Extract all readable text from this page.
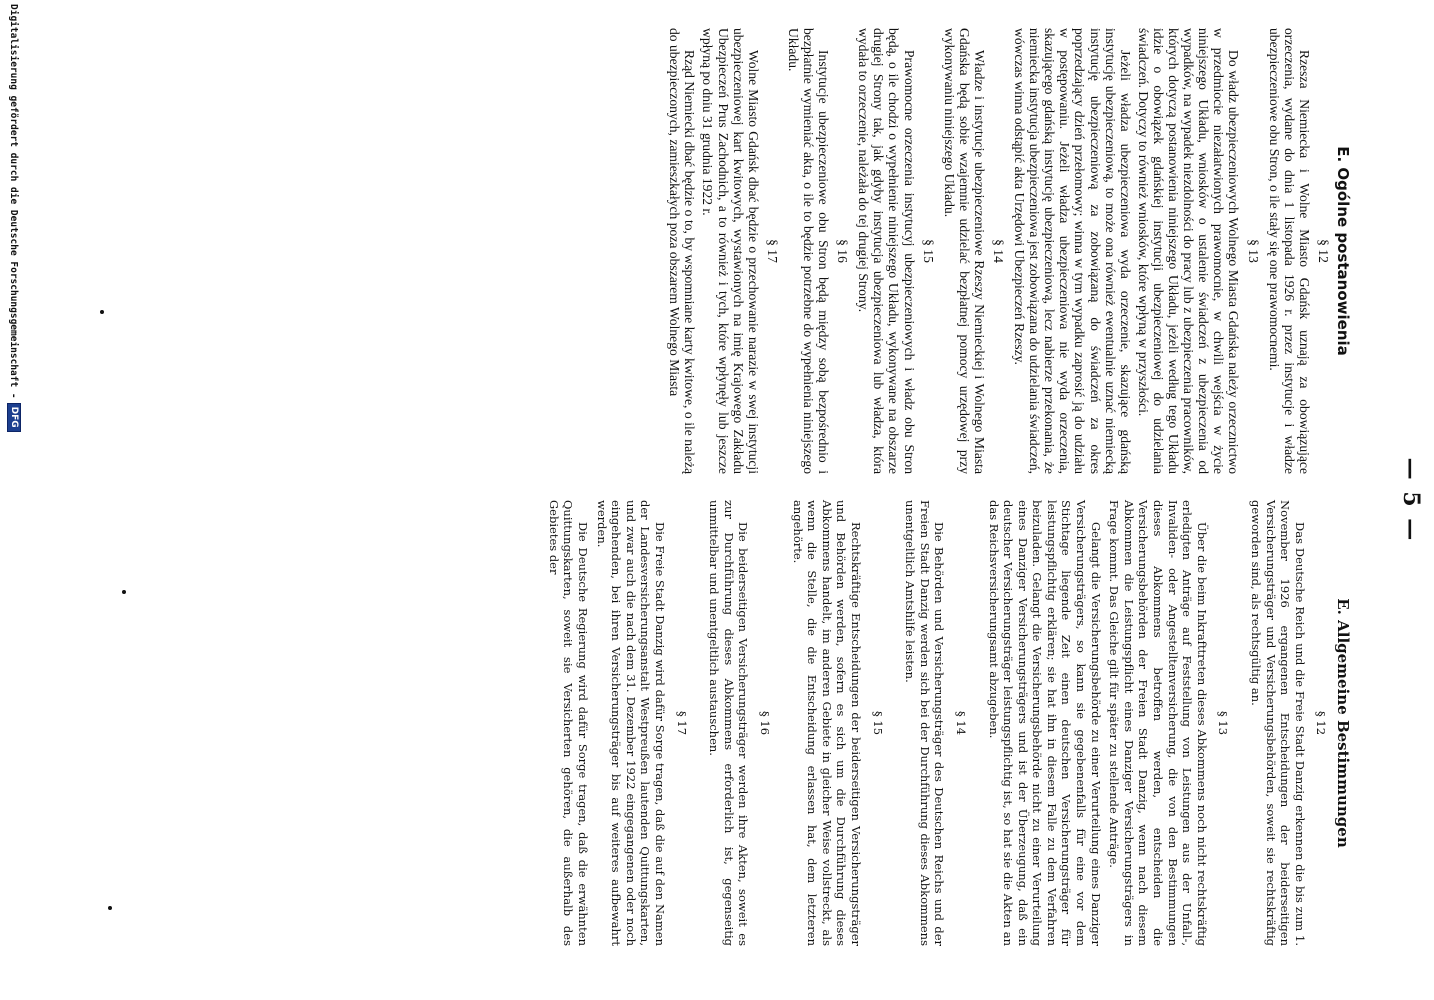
— 5 —
E. Allgemeine Bestimmungen
§ 12
Das Deutsche Reich und die Freie Stadt Danzig erkennen die bis zum 1. November 1926 ergangenen Entscheidungen der beiderseitigen Versicherungsträger und Versicherungsbehörden, soweit sie rechtskräftig geworden sind, als rechtsgültig an.
§ 13
Über die beim Inkrafttreten dieses Abkommens noch nicht rechtskräftig erledigten Anträge auf Feststellung von Leistungen aus der Unfall-, Invaliden- oder Angestelltenversicherung, die von den Bestimmungen dieses Abkommens betroffen werden, entscheiden die Versicherungsbehörden der Freien Stadt Danzig, wenn nach diesem Abkommen die Leistungspflicht eines Danziger Versicherungsträgers in Frage kommt. Das Gleiche gilt für später zu stellende Anträge.
Gelangt die Versicherungsbehörde zu einer Verurteilung eines Danziger Versicherungsträgers, so kann sie gegebenenfalls für eine vor dem Stichtage liegende Zeit einen deutschen Versicherungsträger für leistungspflichtig erklären; sie hat ihn in diesem Falle zu dem Verfahren beizuladen. Gelangt die Versicherungsbehörde nicht zu einer Verurteilung eines Danziger Versicherungsträgers und ist der Überzeugung, daß ein deutscher Versicherungsträger leistungspflichtig ist, so hat sie die Akten an das Reichsversicherungsamt abzugeben.
§ 14
Die Behörden und Versicherungsträger des Deutschen Reichs und der Freien Stadt Danzig werden sich bei der Durchführung dieses Abkommens unentgeltlich Amtshilfe leisten.
§ 15
Rechtskräftige Entscheidungen der beiderseitigen Versicherungsträger und Behörden werden, sofern es sich um die Durchführung dieses Abkommens handelt, im anderen Gebiete in gleicher Weise vollstreckt, als wenn die Stelle, die die Entscheidung erlassen hat, dem letzteren angehörte.
§ 16
Die beiderseitigen Versicherungsträger werden ihre Akten, soweit es zur Durchführung dieses Abkommens erforderlich ist, gegenseitig unmittelbar und unentgeltlich austauschen.
§ 17
Die Freie Stadt Danzig wird dafür Sorge tragen, daß die auf den Namen der Landesversicherungsanstalt Westpreußen lautenden Quittungskarten, und zwar auch die nach dem 31. Dezember 1922 eingegangenen oder noch eingehenden, bei ihren Versicherungsträger bis auf weiteres aufbewahrt werden.
Die Deutsche Regierung wird dafür Sorge tragen, daß die erwähnten Quittungskarten, soweit sie Versicherten gehören, die außerhalb des Gebietes der
E. Ogólne postanowienia
§ 12
Rzesza Niemiecka i Wolne Miasto Gdańsk uznają za obowiązujące orzeczenia, wydane do dnia 1 listopada 1926 r. przez instytucje i władze ubezpieczeniowe obu Stron, o ile stały się one prawomocnemi.
§ 13
Do władz ubezpieczeniowych Wolnego Miasta Gdańska należy orzecznictwo w przedmiocie niezałatwionych prawomocnie, w chwili wejścia w życie niniejszego Układu, wniosków o ustalenie świadczeń z ubezpieczenia od wypadków, na wypadek niezdolności do pracy lub z ubezpieczenia pracowników, których dotyczą postanowienia niniejszego Układu, jeżeli według tego Układu idzie o obowiązek gdańskiej instytucji ubezpieczeniowej do udzielania świadczeń. Dotyczy to również wniosków, które wpłyną w przyszłości.
Jeżeli władza ubezpieczeniowa wyda orzeczenie, skazujące gdańską instytucję ubezpieczeniową, to może ona również ewentualnie uznać niemiecką instytucję ubezpieczeniową za zobowiązaną do świadczeń za okres poprzedzający dzień przełomowy; winna w tym wypadku zaprosić ją do udziału w postępowaniu. Jeżeli władza ubezpieczeniowa nie wyda orzeczenia, skazującego gdańską instytucję ubezpieczeniową, lecz nabierze przekonania, że niemiecka instytucja ubezpieczeniowa jest zobowiązana do udzielania świadczeń, wówczas winna odstąpić akta Urzędowi Ubezpieczeń Rzeszy.
§ 14
Władze i instytucje ubezpieczeniowe Rzeszy Niemieckiej i Wolnego Miasta Gdańska będą sobie wzajemnie udzielać bezpłatnej pomocy urzędowej przy wykonywaniu niniejszego Układu.
§ 15
Prawomocne orzeczenia instytucyj ubezpieczeniowych i władz obu Stron będą, o ile chodzi o wypełnienie niniejszego Układu, wykonywane na obszarze drugiej Strony tak, jak gdyby instytucja ubezpieczeniowa lub władza, która wydała to orzeczenie, należała do tej drugiej Strony.
§ 16
Instytucje ubezpieczeniowe obu Stron będą między sobą bezpośrednio i bezpłatnie wymieniać akta, o ile to będzie potrzebne do wypełnienia niniejszego Układu.
§ 17
Wolne Miasto Gdańsk dbać będzie o przechowanie narazie w swej instytucji ubezpieczeniowej kart kwitowych, wystawionych na imię Krajowego Zakładu Ubezpieczeń Prus Zachodnich, a to również i tych, które wpłynęły lub jeszcze wpłyną po dniu 31 grudnia 1922 r.
Rząd Niemiecki dbać będzie o to, by wspomniane karty kwitowe, o ile należą do ubezpieczonych, zamieszkałych poza obszarem Wolnego Miasta
Digitalisierung gefördert durch die Deutsche Forschungsgemeinschaft -
DFG
